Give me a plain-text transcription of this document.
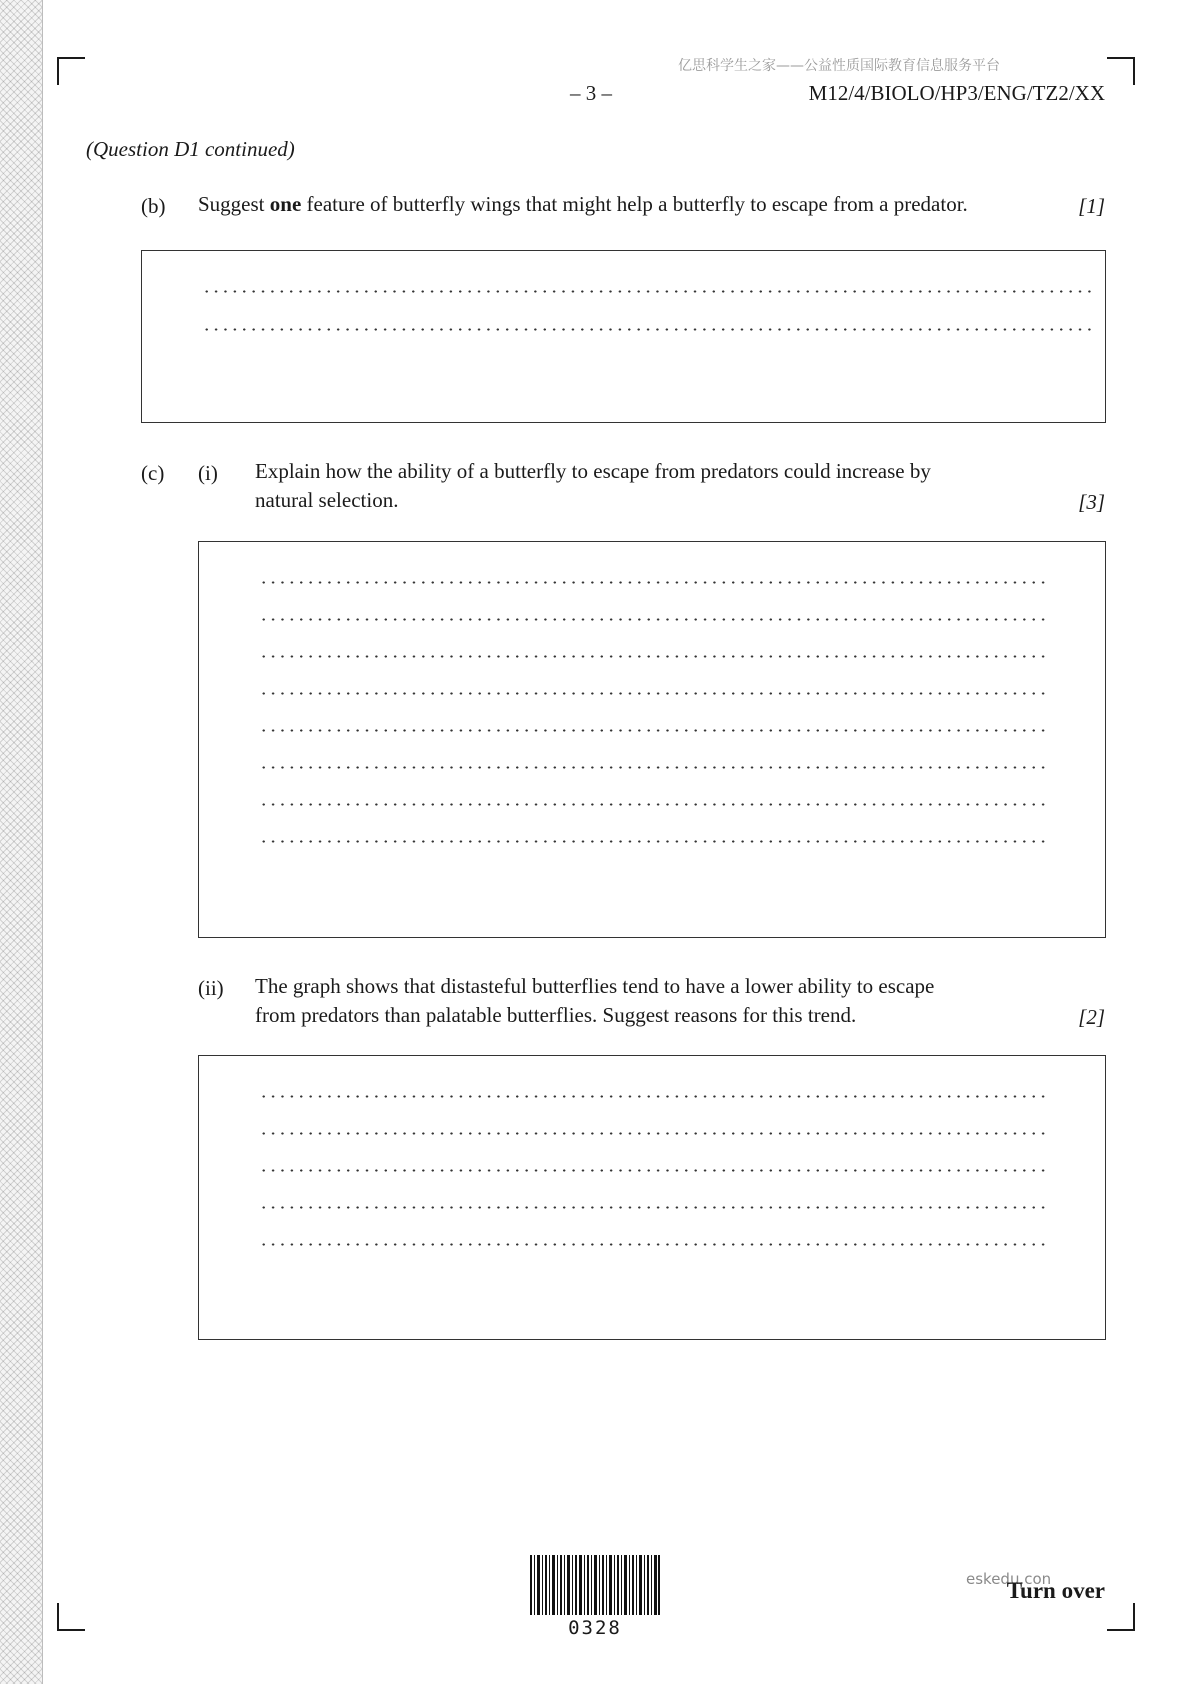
亿思科学生之家——公益性质国际教育信息服务平台
– 3 –	M12/4/BIOLO/HP3/ENG/TZ2/XX
(Question D1 continued)
(b) Suggest one feature of butterfly wings that might help a butterfly to escape from a predator.	[1]
(c) (i) Explain how the ability of a butterfly to escape from predators could increase by
natural selection.	[3]
(ii) The graph shows that distasteful butterflies tend to have a lower ability to escape
from predators than palatable butterflies. Suggest reasons for this trend.	[2]
0328
eskedu.con
Turn over
